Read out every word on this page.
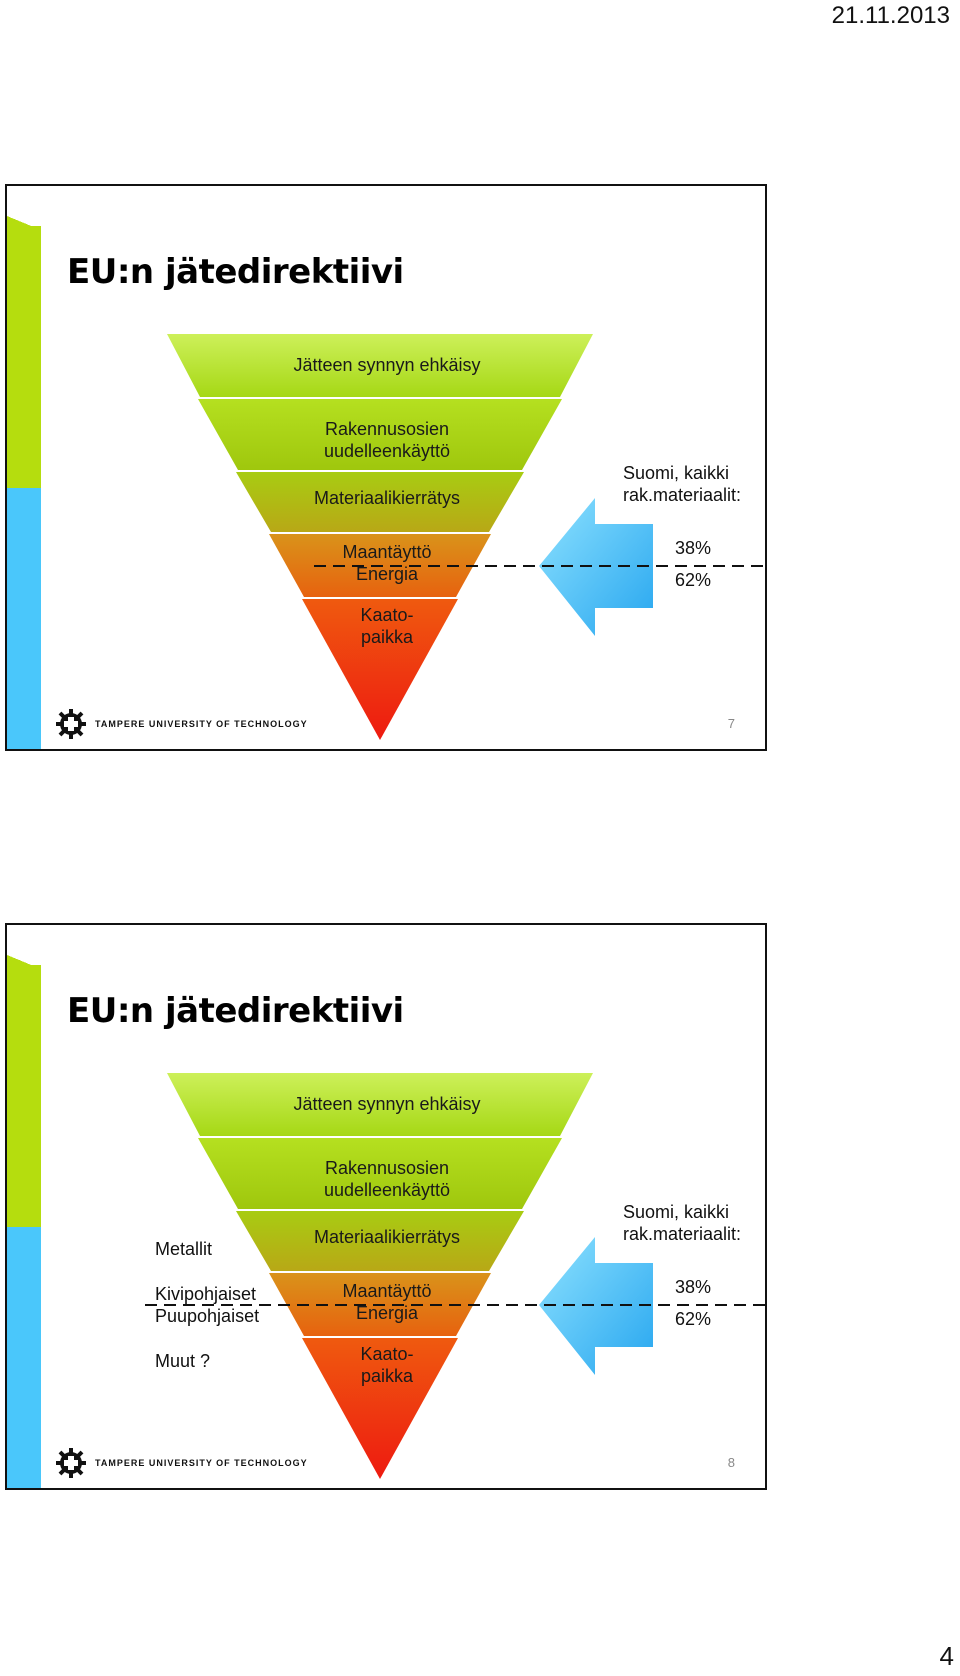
21.11.2013
EU:n jätedirektiivi
Jätteen synnyn ehkäisy
Rakennusosien
uudelleenkäyttö
Materiaalikierrätys
Maantäyttö
Energia
Kaato-
paikka
Suomi, kaikki
rak.materiaalit:
38%
62%
TAMPERE UNIVERSITY OF TECHNOLOGY	7
EU:n jätedirektiivi
Jätteen synnyn ehkäisy
Rakennusosien
uudelleenkäyttö
Materiaalikierrätys
Maantäyttö
Energia
Kaato-
paikka
Metallit
Kivipohjaiset
Puupohjaiset
Muut ?
Suomi, kaikki
rak.materiaalit:
38%
62%
TAMPERE UNIVERSITY OF TECHNOLOGY	8
4
